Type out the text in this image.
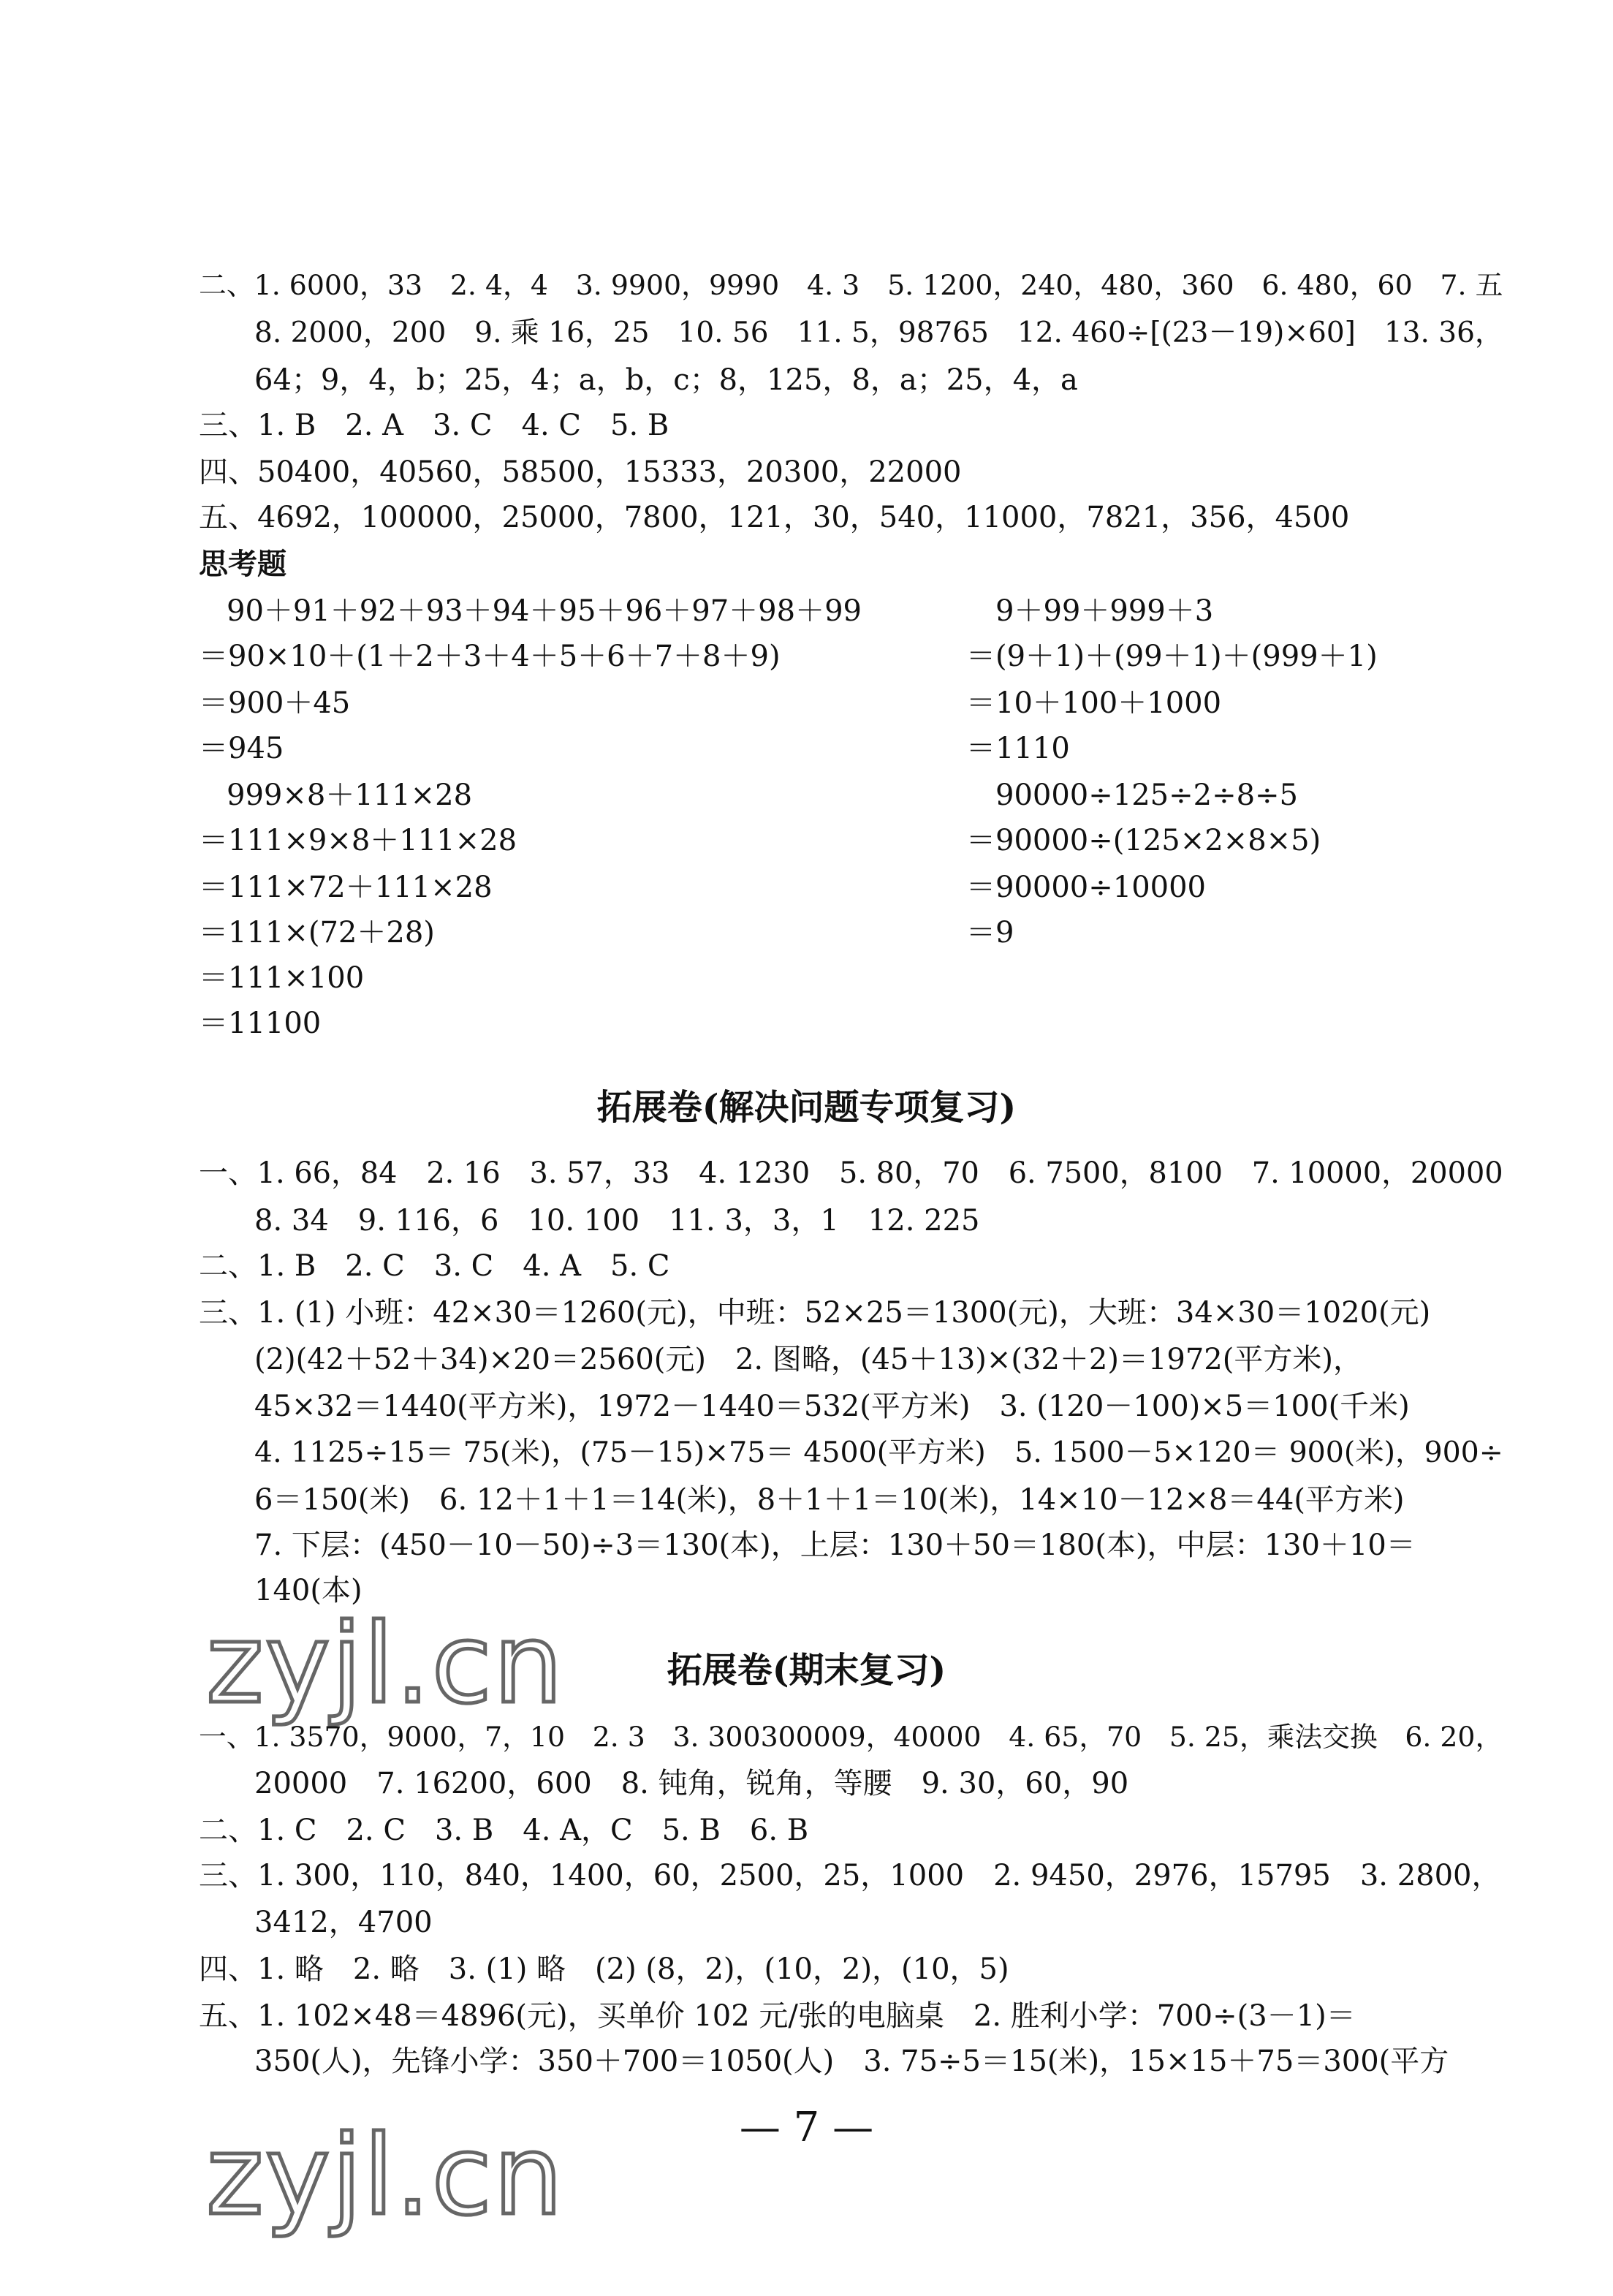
二、1. 6000，33　2. 4，4　3. 9900，9990　4. 3　5. 1200，240，480，360　6. 480，60　7. 五
8. 2000，200　9. 乘 16，25　10. 56　11. 5，98765　12. 460÷[(23－19)×60]　13. 36，
64；9，4，b；25，4；a，b，c；8，125，8，a；25，4，a
三、1. B　2. A　3. C　4. C　5. B
四、50400，40560，58500，15333，20300，22000
五、4692，100000，25000，7800，121，30，540，11000，7821，356，4500
思考题
90＋91＋92＋93＋94＋95＋96＋97＋98＋99
＝90×10＋(1＋2＋3＋4＋5＋6＋7＋8＋9)
＝900＋45
＝945
999×8＋111×28
＝111×9×8＋111×28
＝111×72＋111×28
＝111×(72＋28)
＝111×100
＝11100
9＋99＋999＋3
＝(9＋1)＋(99＋1)＋(999＋1)
＝10＋100＋1000
＝1110
90000÷125÷2÷8÷5
＝90000÷(125×2×8×5)
＝90000÷10000
＝9
拓展卷(解决问题专项复习)
一、1. 66，84　2. 16　3. 57，33　4. 1230　5. 80，70　6. 7500，8100　7. 10000，20000
8. 34　9. 116，6　10. 100　11. 3，3，1　12. 225
二、1. B　2. C　3. C　4. A　5. C
三、1. (1) 小班：42×30＝1260(元)，中班：52×25＝1300(元)，大班：34×30＝1020(元)
(2)(42＋52＋34)×20＝2560(元)　2. 图略，(45＋13)×(32＋2)＝1972(平方米)，
45×32＝1440(平方米)，1972－1440＝532(平方米)　3. (120－100)×5＝100(千米)
4. 1125÷15＝ 75(米)，(75－15)×75＝ 4500(平方米)　5. 1500－5×120＝ 900(米)，900÷
6＝150(米)　6. 12＋1＋1＝14(米)，8＋1＋1＝10(米)，14×10－12×8＝44(平方米)
7. 下层：(450－10－50)÷3＝130(本)，上层：130＋50＝180(本)，中层：130＋10＝
140(本)
zyjl.cn	拓展卷(期末复习)
一、1. 3570，9000，7，10　2. 3　3. 300300009，40000　4. 65，70　5. 25，乘法交换　6. 20，
20000　7. 16200，600　8. 钝角，锐角，等腰　9. 30，60，90
二、1. C　2. C　3. B　4. A，C　5. B　6. B
三、1. 300，110，840，1400，60，2500，25，1000　2. 9450，2976，15795　3. 2800，
3412，4700
四、1. 略　2. 略　3. (1) 略　(2) (8，2)，(10，2)，(10，5)
五、1. 102×48＝4896(元)，买单价 102 元/张的电脑桌　2. 胜利小学：700÷(3－1)＝
350(人)，先锋小学：350＋700＝1050(人)　3. 75÷5＝15(米)，15×15＋75＝300(平方
zyjl.cn	— 7 —
